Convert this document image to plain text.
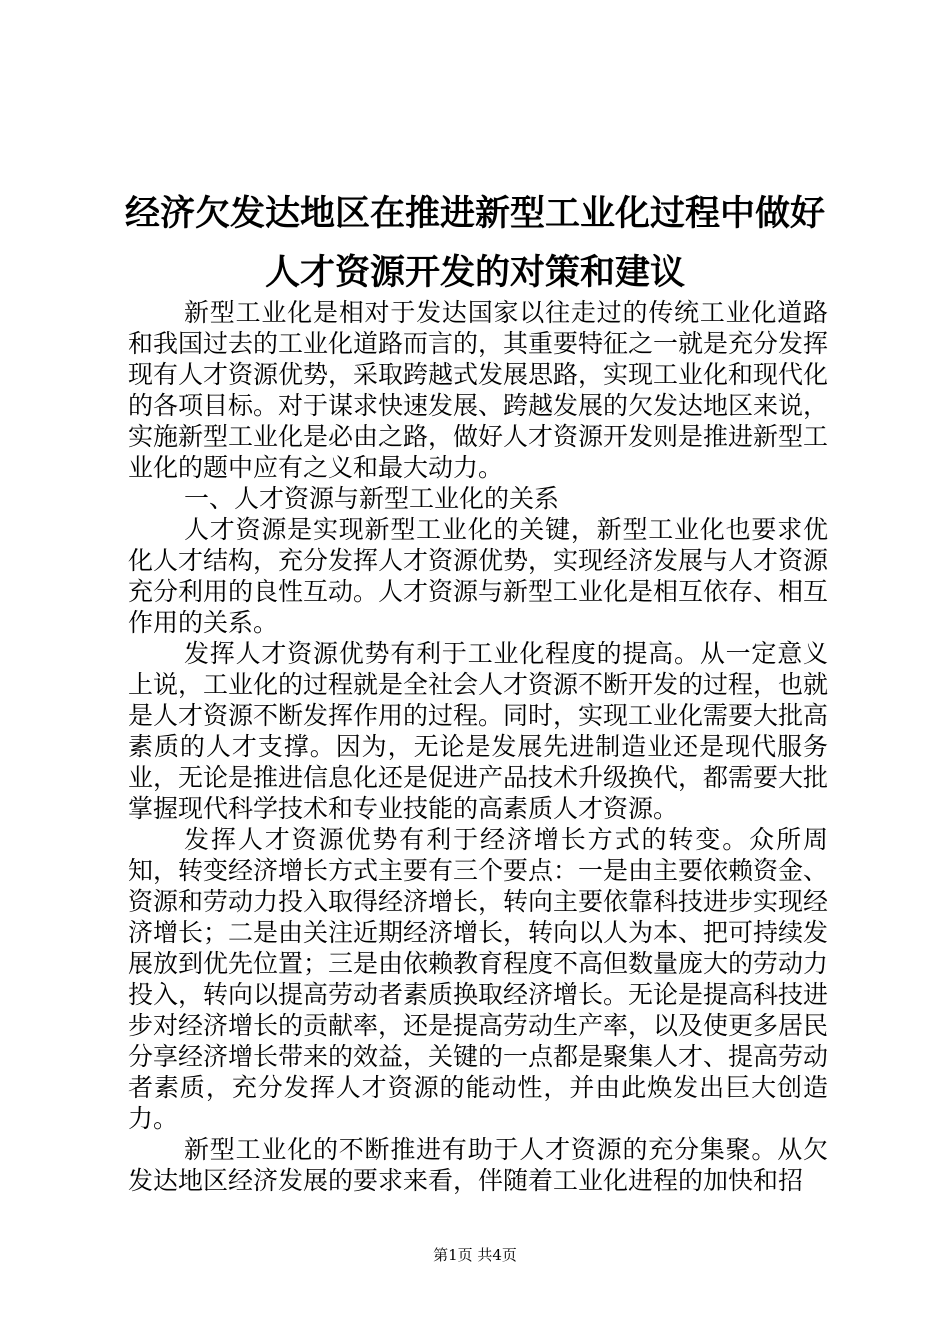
经济欠发达地区在推进新型工业化过程中做好
人才资源开发的对策和建议

新型工业化是相对于发达国家以往走过的传统工业化道路和我国过去的工业化道路而言的，其重要特征之一就是充分发挥现有人才资源优势，采取跨越式发展思路，实现工业化和现代化的各项目标。对于谋求快速发展、跨越发展的欠发达地区来说，实施新型工业化是必由之路，做好人才资源开发则是推进新型工业化的题中应有之义和最大动力。

一、人才资源与新型工业化的关系

人才资源是实现新型工业化的关键，新型工业化也要求优化人才结构，充分发挥人才资源优势，实现经济发展与人才资源充分利用的良性互动。人才资源与新型工业化是相互依存、相互作用的关系。

发挥人才资源优势有利于工业化程度的提高。从一定意义上说，工业化的过程就是全社会人才资源不断开发的过程，也就是人才资源不断发挥作用的过程。同时，实现工业化需要大批高素质的人才支撑。因为，无论是发展先进制造业还是现代服务业，无论是推进信息化还是促进产品技术升级换代，都需要大批掌握现代科学技术和专业技能的高素质人才资源。

发挥人才资源优势有利于经济增长方式的转变。众所周知，转变经济增长方式主要有三个要点：一是由主要依赖资金、资源和劳动力投入取得经济增长，转向主要依靠科技进步实现经济增长；二是由关注近期经济增长，转向以人为本、把可持续发展放到优先位置；三是由依赖教育程度不高但数量庞大的劳动力投入，转向以提高劳动者素质换取经济增长。无论是提高科技进步对经济增长的贡献率，还是提高劳动生产率，以及使更多居民分享经济增长带来的效益，关键的一点都是聚集人才、提高劳动者素质，充分发挥人才资源的能动性，并由此焕发出巨大创造力。

新型工业化的不断推进有助于人才资源的充分集聚。从欠发达地区经济发展的要求来看，伴随着工业化进程的加快和招

第1页 共4页
